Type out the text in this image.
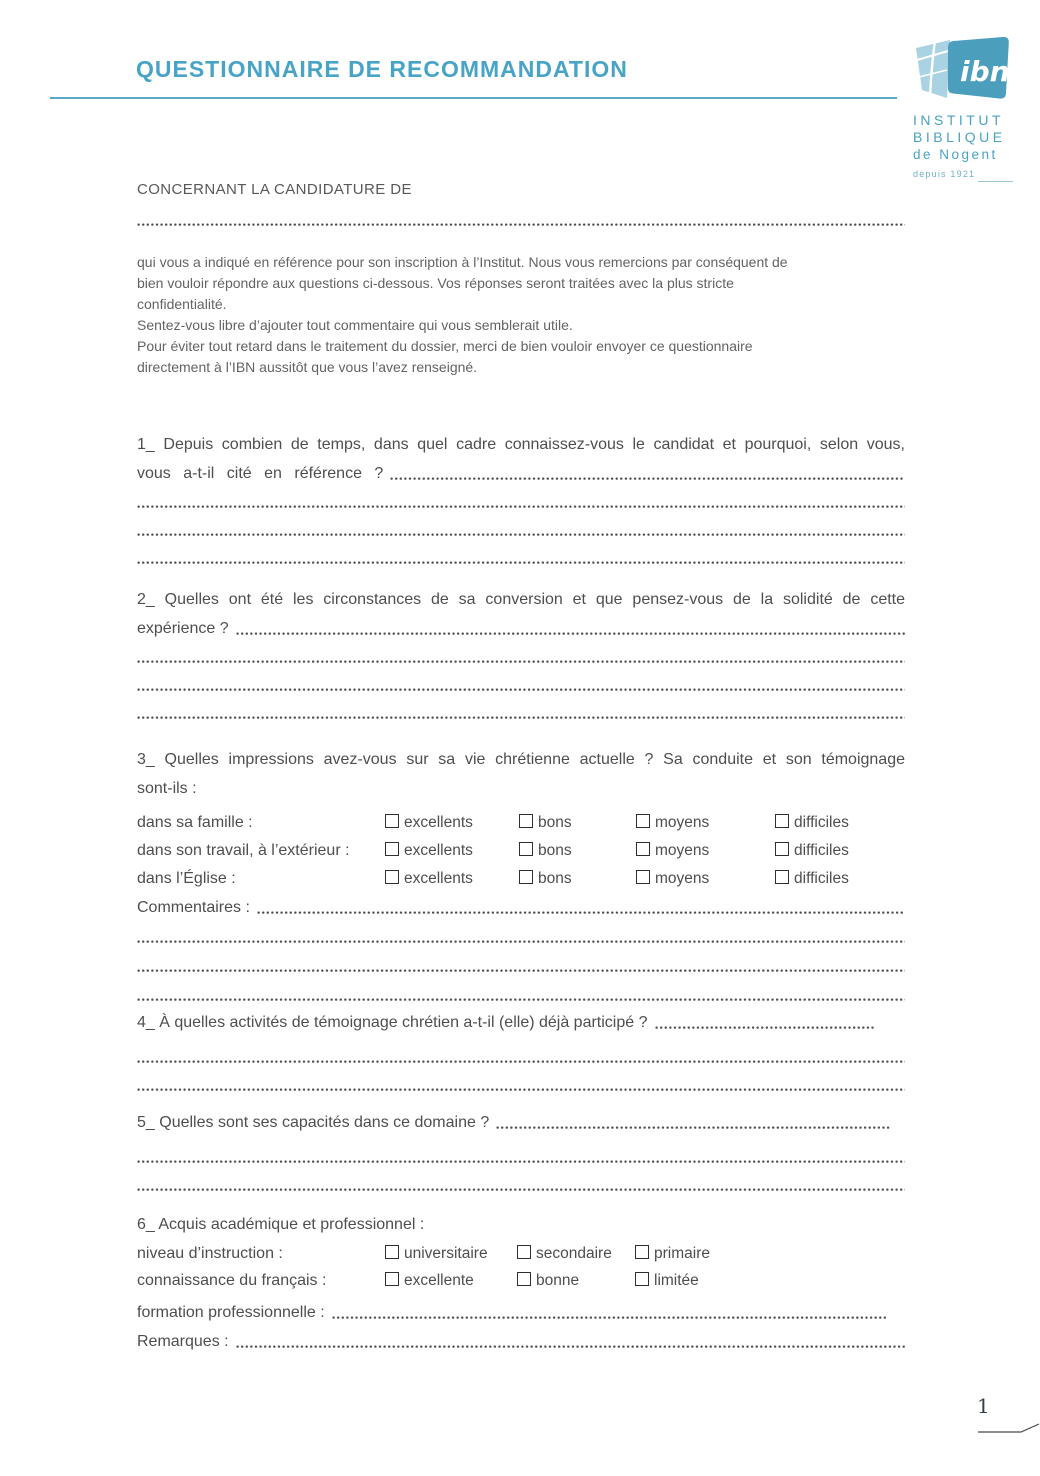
QUESTIONNAIRE DE RECOMMANDATION	ibn
INSTITUT
BIBLIQUE
de Nogent
depuis 1921
CONCERNANT LA CANDIDATURE DE
qui vous a indiqué en référence pour son inscription à l’Institut. Nous vous remercions par conséquent de
bien vouloir répondre aux questions ci-dessous. Vos réponses seront traitées avec la plus stricte
confidentialité.
Sentez-vous libre d’ajouter tout commentaire qui vous semblerait utile.
Pour éviter tout retard dans le traitement du dossier, merci de bien vouloir envoyer ce questionnaire
directement à l’IBN aussitôt que vous l’avez renseigné.
1_ Depuis combien de temps, dans quel cadre connaissez-vous le candidat et pourquoi, selon vous,
vous a-t-il cité en référence ?
2_ Quelles ont été les circonstances de sa conversion et que pensez-vous de la solidité de cette
expérience ?
3_ Quelles impressions avez-vous sur sa vie chrétienne actuelle ? Sa conduite et son témoignage
sont-ils :
dans sa famille :	excellents	bons	moyens	difficiles
dans son travail, à l’extérieur :	excellents	bons	moyens	difficiles
dans l’Église :	excellents	bons	moyens	difficiles
Commentaires :
4_ À quelles activités de témoignage chrétien a-t-il (elle) déjà participé ?
5_ Quelles sont ses capacités dans ce domaine ?
6_ Acquis académique et professionnel :
niveau d’instruction :	universitaire	secondaire	primaire
connaissance du français :	excellente	bonne	limitée
formation professionnelle :
Remarques :
1
